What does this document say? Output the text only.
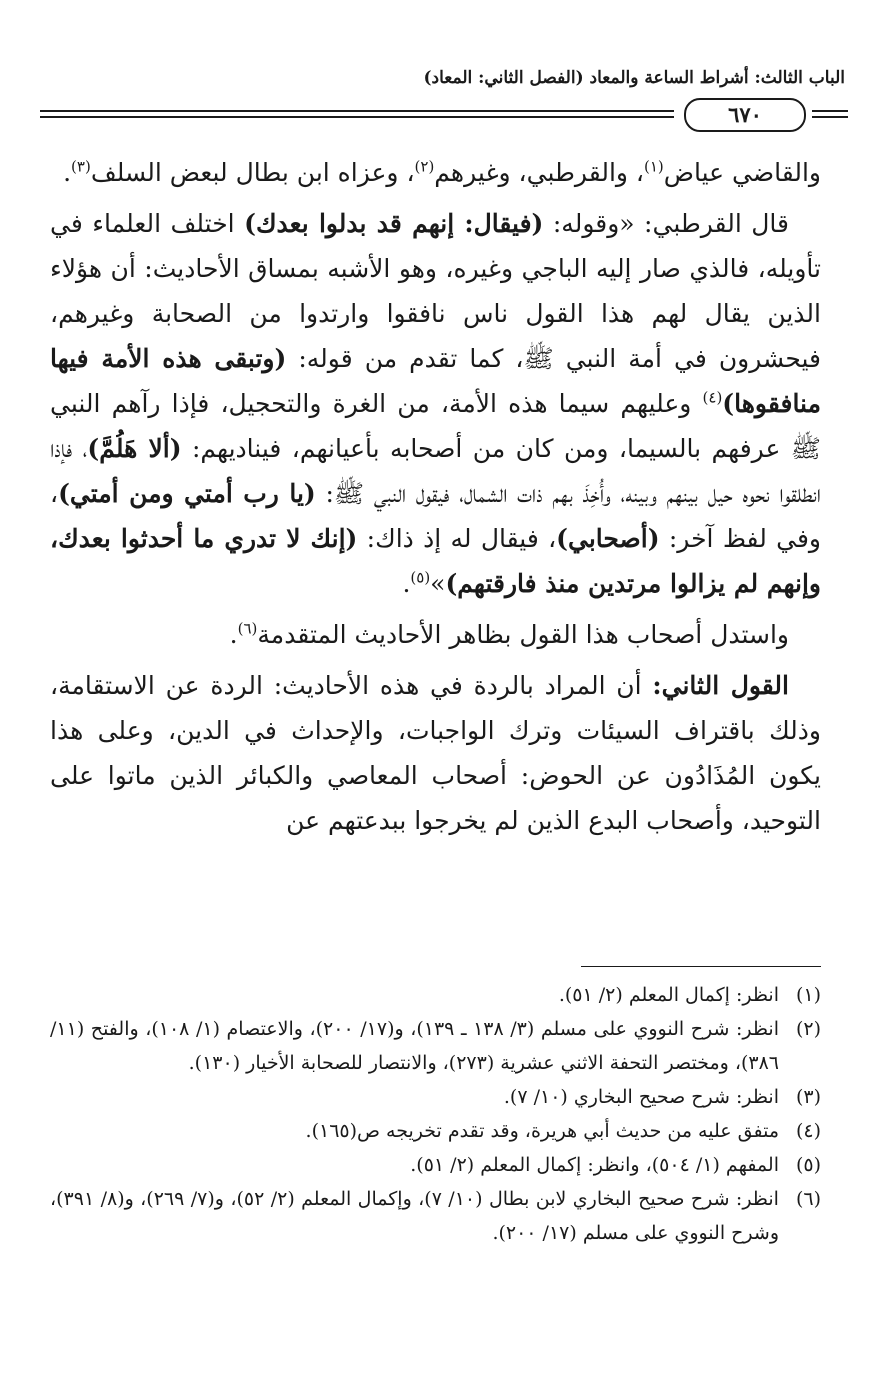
الباب الثالث: أشراط الساعة والمعاد (الفصل الثاني: المعاد)
٦٧٠

والقاضي عياض$^{(١)}$، والقرطبي، وغيرهم$^{(٢)}$، وعزاه ابن بطال لبعض السلف$^{(٣)}$.

قال القرطبي: «وقوله: (فيقال: إنهم قد بدلوا بعدك) اختلف العلماء في تأويله، فالذي صار إليه الباجي وغيره، وهو الأشبه بمساق الأحاديث: أن هؤلاء الذين يقال لهم هذا القول ناس نافقوا وارتدوا من الصحابة وغيرهم، فيحشرون في أمة النبي ﷺ، كما تقدم من قوله: (وتبقى هذه الأمة فيها منافقوها)$^{(٤)}$ وعليهم سيما هذه الأمة، من الغرة والتحجيل، فإذا رآهم النبي ﷺ عرفهم بالسيما، ومن كان من أصحابه بأعيانهم، فيناديهم: (ألا هَلُمَّ)، فإذا انطلقوا نحوه حيل بينهم وبينه، وأُخِذَ بهم ذات الشمال، فيقول النبي ﷺ: (يا رب أمتي ومن أمتي)، وفي لفظ آخر: (أصحابي)، فيقال له إذ ذاك: (إنك لا تدري ما أحدثوا بعدك، وإنهم لم يزالوا مرتدين منذ فارقتهم)»$^{(٥)}$.

واستدل أصحاب هذا القول بظاهر الأحاديث المتقدمة$^{(٦)}$.

القول الثاني: أن المراد بالردة في هذه الأحاديث: الردة عن الاستقامة، وذلك باقتراف السيئات وترك الواجبات، والإحداث في الدين، وعلى هذا يكون المُذَادُون عن الحوض: أصحاب المعاصي والكبائر الذين ماتوا على التوحيد، وأصحاب البدع الذين لم يخرجوا ببدعتهم عن

(١)
انظر: إكمال المعلم (٢/ ٥١).
(٢)
انظر: شرح النووي على مسلم (٣/ ١٣٨ ـ ١٣٩)، و(١٧/ ٢٠٠)، والاعتصام (١/ ١٠٨)، والفتح (١١/ ٣٨٦)، ومختصر التحفة الاثني عشرية (٢٧٣)، والانتصار للصحابة الأخيار (١٣٠).
(٣)
انظر: شرح صحيح البخاري (١٠/ ٧).
(٤)
متفق عليه من حديث أبي هريرة، وقد تقدم تخريجه ص(١٦٥).
(٥)
المفهم (١/ ٥٠٤)، وانظر: إكمال المعلم (٢/ ٥١).
(٦)
انظر: شرح صحيح البخاري لابن بطال (١٠/ ٧)، وإكمال المعلم (٢/ ٥٢)، و(٧/ ٢٦٩)، و(٨/ ٣٩١)، وشرح النووي على مسلم (١٧/ ٢٠٠).
